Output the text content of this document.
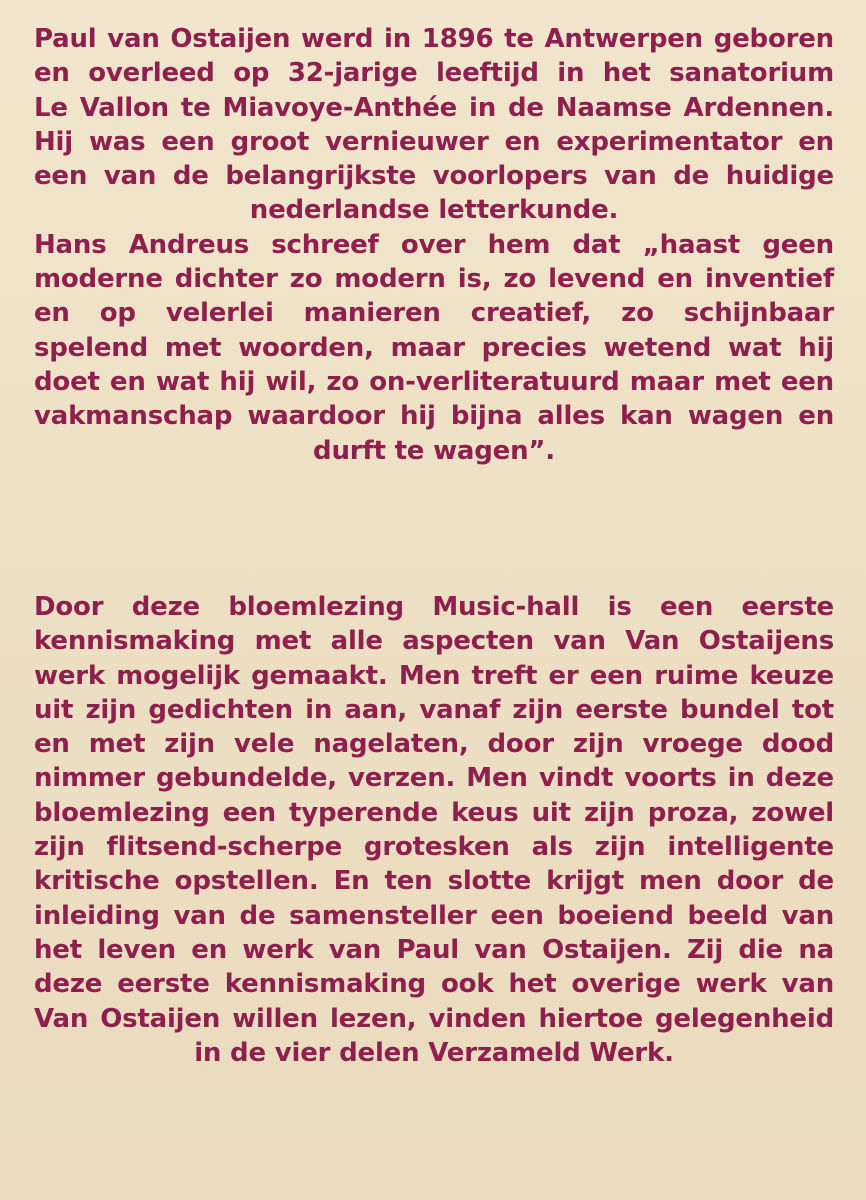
Paul van Ostaijen werd in 1896 te Antwerpen geboren
en overleed op 32-jarige leeftijd in het sanatorium
Le Vallon te Miavoye-Anthée in de Naamse Ardennen.
Hij was een groot vernieuwer en experimentator en
een van de belangrijkste voorlopers van de huidige
nederlandse letterkunde.
Hans Andreus schreef over hem dat „haast geen
moderne dichter zo modern is, zo levend en inventief
en op velerlei manieren creatief, zo schijnbaar
spelend met woorden, maar precies wetend wat hij
doet en wat hij wil, zo on-verliteratuurd maar met een
vakmanschap waardoor hij bijna alles kan wagen en
durft te wagen”.
Door deze bloemlezing Music-hall is een eerste
kennismaking met alle aspecten van Van Ostaijens
werk mogelijk gemaakt. Men treft er een ruime keuze
uit zijn gedichten in aan, vanaf zijn eerste bundel tot
en met zijn vele nagelaten, door zijn vroege dood
nimmer gebundelde, verzen. Men vindt voorts in deze
bloemlezing een typerende keus uit zijn proza, zowel
zijn flitsend-scherpe grotesken als zijn intelligente
kritische opstellen. En ten slotte krijgt men door de
inleiding van de samensteller een boeiend beeld van
het leven en werk van Paul van Ostaijen. Zij die na
deze eerste kennismaking ook het overige werk van
Van Ostaijen willen lezen, vinden hiertoe gelegenheid
in de vier delen Verzameld Werk.
